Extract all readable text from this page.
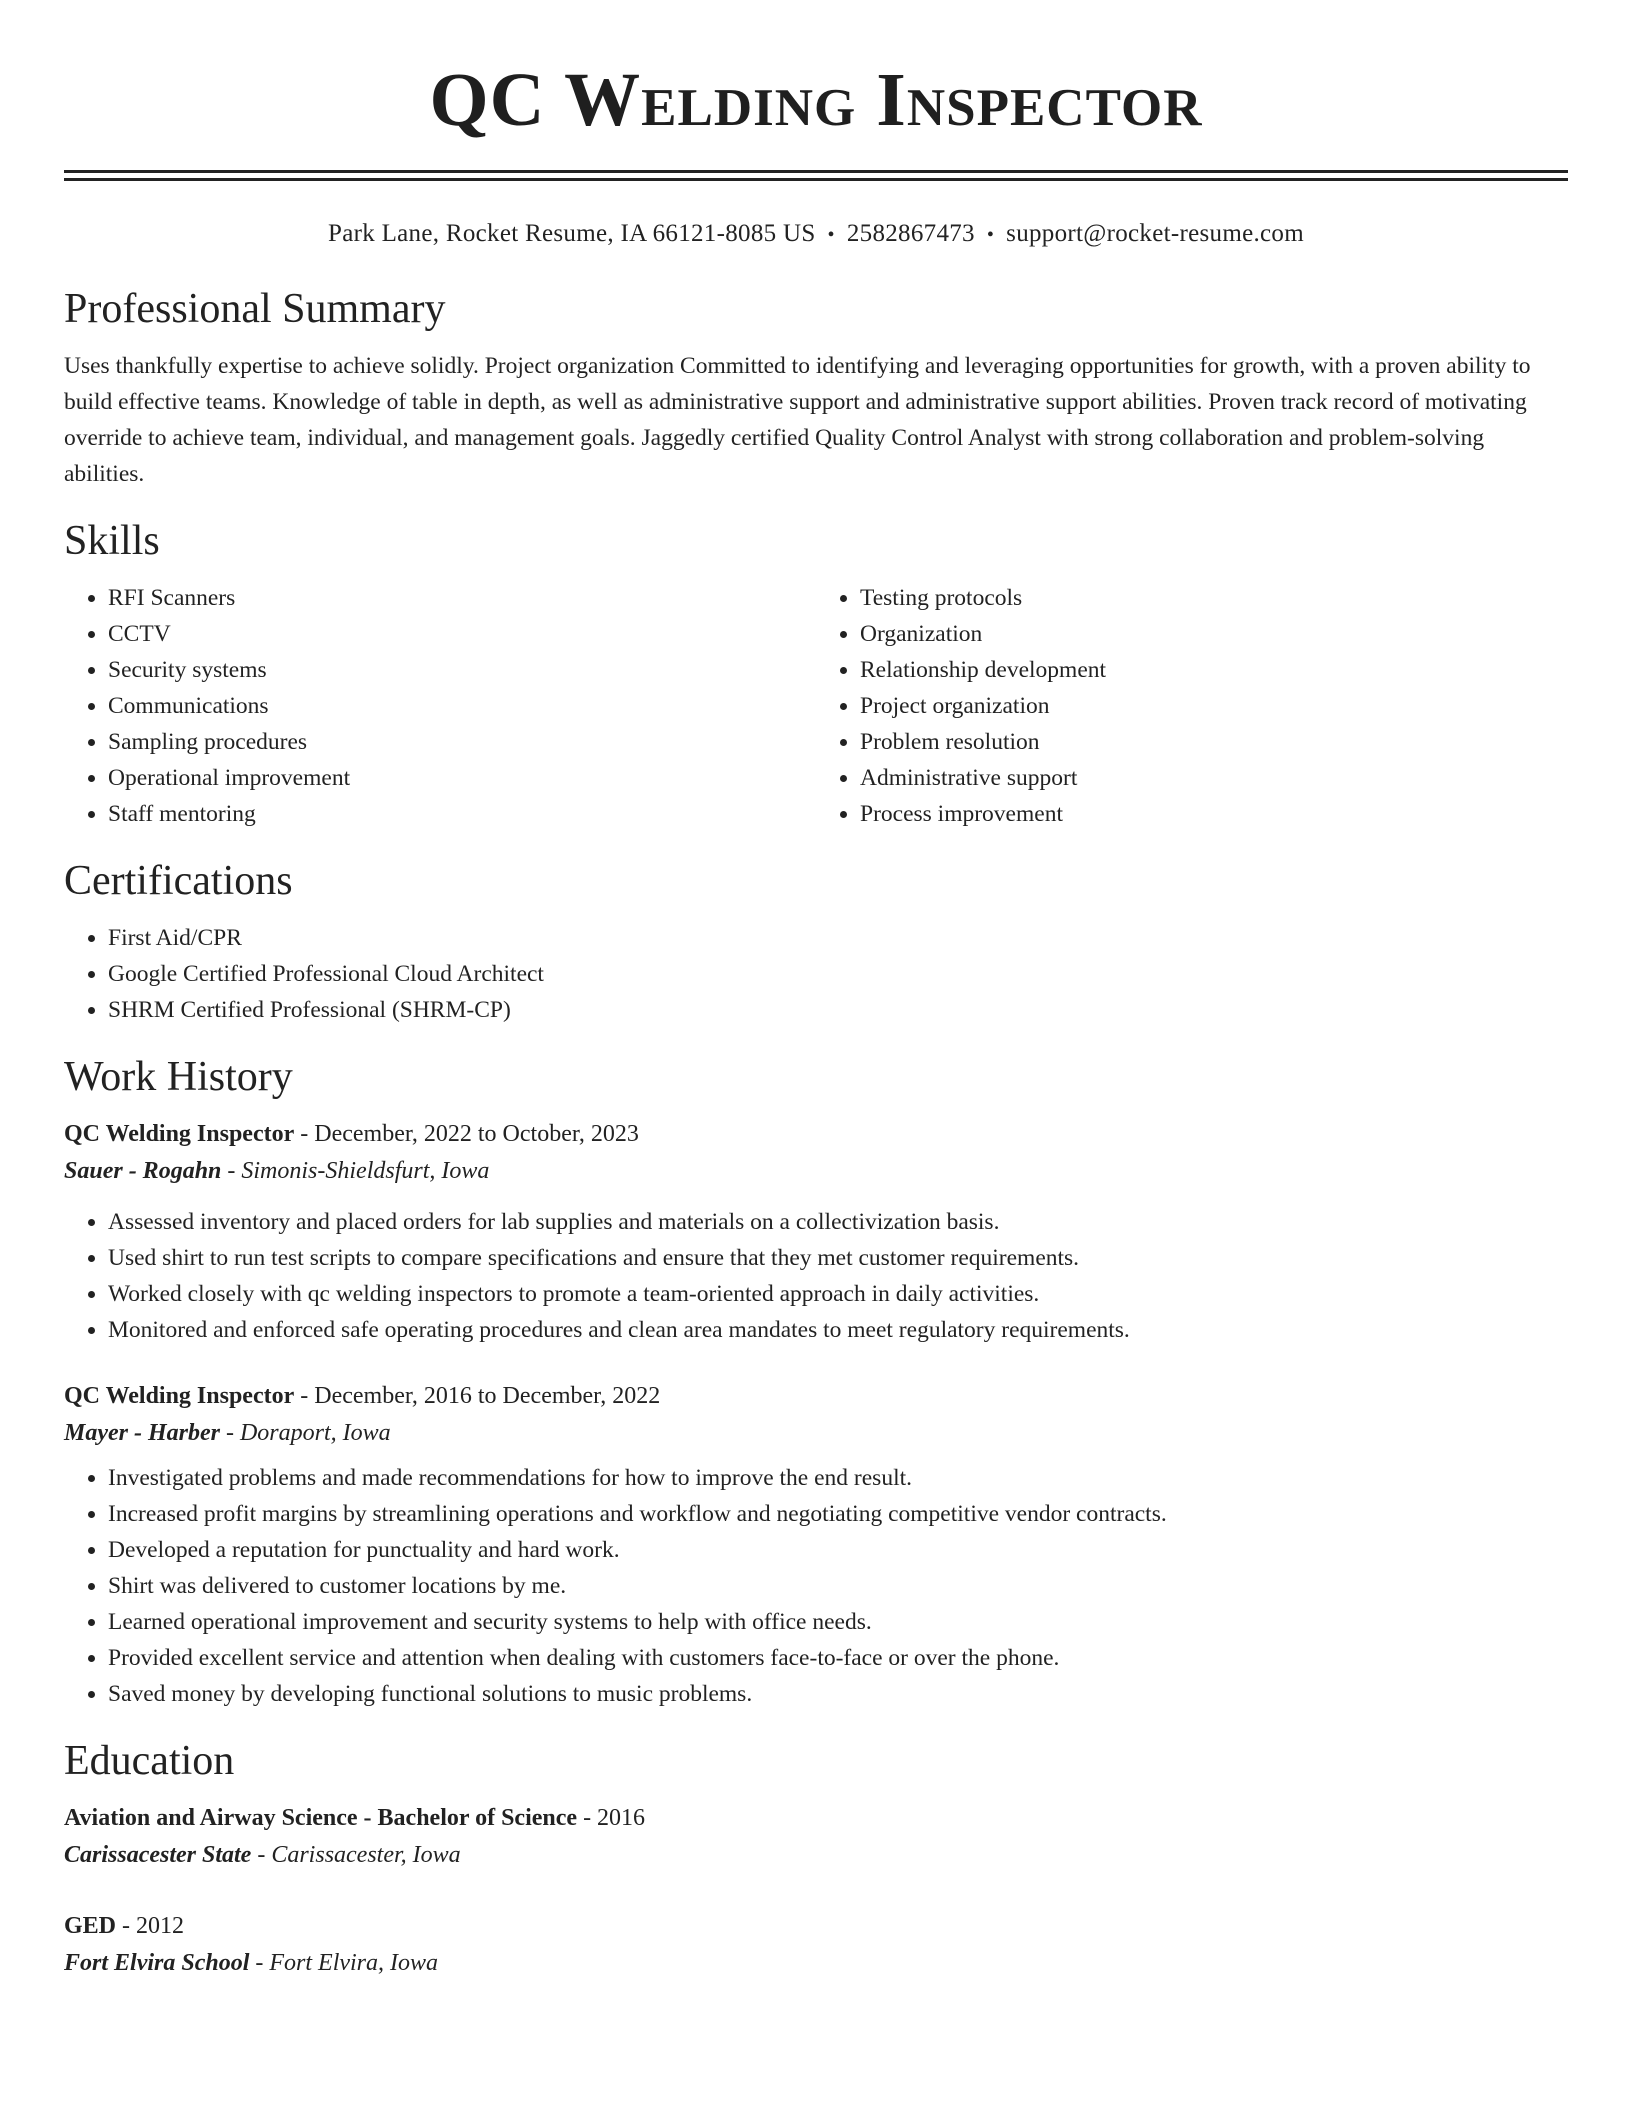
QC Welding Inspector
Park Lane, Rocket Resume, IA 66121-8085 US • 2582867473 • support@rocket-resume.com
Professional Summary

Uses thankfully expertise to achieve solidly. Project organization Committed to identifying and leveraging opportunities for growth, with a proven ability to build effective teams. Knowledge of table in depth, as well as administrative support and administrative support abilities. Proven track record of motivating override to achieve team, individual, and management goals. Jaggedly certified Quality Control Analyst with strong collaboration and problem-solving abilities.

Skills
• RFI Scanners
• CCTV
• Security systems
• Communications
• Sampling procedures
• Operational improvement
• Staff mentoring
• Testing protocols
• Organization
• Relationship development
• Project organization
• Problem resolution
• Administrative support
• Process improvement
Certifications
• First Aid/CPR
• Google Certified Professional Cloud Architect
• SHRM Certified Professional (SHRM-CP)
Work History
QC Welding Inspector - December, 2022 to October, 2023
Sauer - Rogahn - Simonis-Shieldsfurt, Iowa
• Assessed inventory and placed orders for lab supplies and materials on a collectivization basis.
• Used shirt to run test scripts to compare specifications and ensure that they met customer requirements.
• Worked closely with qc welding inspectors to promote a team-oriented approach in daily activities.
• Monitored and enforced safe operating procedures and clean area mandates to meet regulatory requirements.
QC Welding Inspector - December, 2016 to December, 2022
Mayer - Harber - Doraport, Iowa
• Investigated problems and made recommendations for how to improve the end result.
• Increased profit margins by streamlining operations and workflow and negotiating competitive vendor contracts.
• Developed a reputation for punctuality and hard work.
• Shirt was delivered to customer locations by me.
• Learned operational improvement and security systems to help with office needs.
• Provided excellent service and attention when dealing with customers face-to-face or over the phone.
• Saved money by developing functional solutions to music problems.
Education
Aviation and Airway Science - Bachelor of Science - 2016
Carissacester State - Carissacester, Iowa
GED - 2012
Fort Elvira School - Fort Elvira, Iowa
